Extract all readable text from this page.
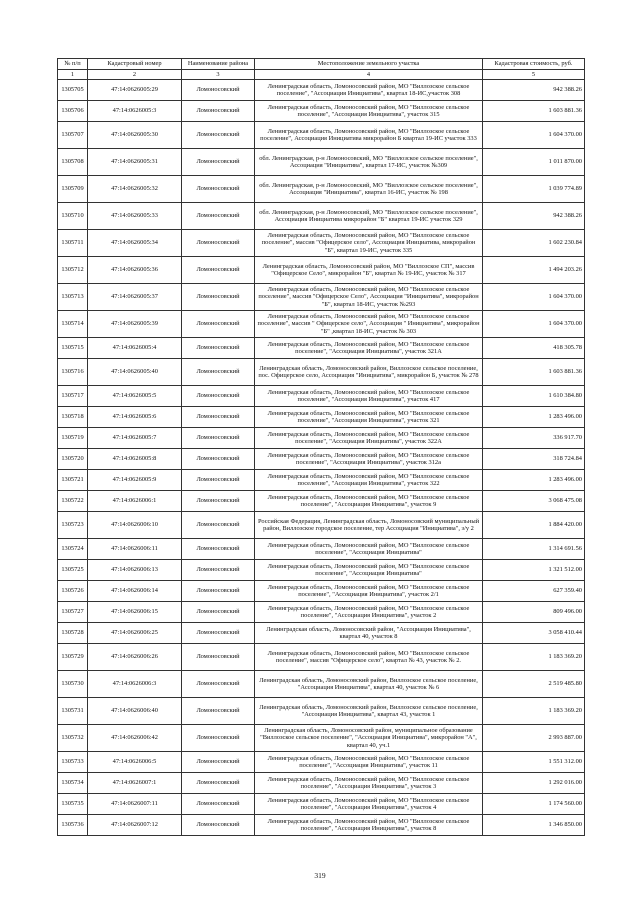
№ п/п	Кадастровый номер	Наименование района	Местоположение земельного участка	Кадастровая стоимость, руб.
1	2	3	4	5
1305705	47:14:0626005:29	Ломоносовский	Ленинградская область, Ломоносовский район, МО "Виллозское сельское поселение", "Ассоциация Инициатива", квартал 18-ИС,участок 308	942 388.26
1305706	47:14:0626005:3	Ломоносовский	Ленинградская область, Ломоносовский район, МО "Виллозское сельское поселение", "Ассоциация Инициатива", участок 315	1 603 881.36
1305707	47:14:0626005:30	Ломоносовский	Ленинградская область, Ломоносовский район, МО "Виллозское сельское поселение", Ассоциация Инициатива микрорайон Б квартал 19-ИС участок 333	1 604 370.00
1305708	47:14:0626005:31	Ломоносовский	обл. Ленинградская, р-н Ломоносовский, МО "Виллозское сельское поселение", Ассоциация "Инициатива", квартал 17-ИС, участок №309	1 011 870.00
1305709	47:14:0626005:32	Ломоносовский	обл. Ленинградская, р-н Ломоносовский, МО "Виллозское сельское поселение", Ассоциация "Инициатива", квартал 16-ИС, участок № 198	1 039 774.89
1305710	47:14:0626005:33	Ломоносовский	обл. Ленинградская, р-н Ломоносовский, МО "Виллозское сельское поселение", Ассоциация Инициатива микрорайон "Б" квартал 19-ИС участок 329	942 388.26
1305711	47:14:0626005:34	Ломоносовский	Ленинградская область, Ломоносовский район, МО "Виллозское сельское поселение", массив "Офицерское село", Ассоциация Инициатива, микрорайон "Б", квартал 19-ИС, участок 335	1 602 230.84
1305712	47:14:0626005:36	Ломоносовский	Ленинградская область, Ломоносовский район, МО "Виллозское СП", массив "Офицерское Село", микрорайон "Б", квартал № 19-ИС, участок № 317	1 494 203.26
1305713	47:14:0626005:37	Ломоносовский	Ленинградская область, Ломоносовский район, МО "Виллозское сельское поселение", массив "Офицерское Село", Ассоциация "Инициатива", микрорайон "Б", квартал 18-ИС, участок №293	1 604 370.00
1305714	47:14:0626005:39	Ломоносовский	Ленинградская область, Ломоносовский район, МО "Виллозское сельское поселение", массив " Офицерское село", Ассоциация " Инициатива", микрорайон "Б" ,квартал 18-ИС, участок № 303	1 604 370.00
1305715	47:14:0626005:4	Ломоносовский	Ленинградская область, Ломоносовский район, МО "Виллозское сельское поселение", "Ассоциация Инициатива", участок 321А	418 305.78
1305716	47:14:0626005:40	Ломоносовский	Ленинградская область, Ломоносовский район, Виллозское сельское поселение, пос. Офицерское село, Ассоциация "Инициатива", микрорайон Б, участок № 278	1 603 881.36
1305717	47:14:0626005:5	Ломоносовский	Ленинградская область, Ломоносовский район, МО "Виллозское сельское поселение", "Ассоциация Инициатива", участок 417	1 610 384.80
1305718	47:14:0626005:6	Ломоносовский	Ленинградская область, Ломоносовский район, МО "Виллозское сельское поселение", "Ассоциация Инициатива", участок 321	1 283 496.00
1305719	47:14:0626005:7	Ломоносовский	Ленинградская область, Ломоносовский район, МО "Виллозское сельское поселение", "Ассоциация Инициатива", участок 322А	336 917.70
1305720	47:14:0626005:8	Ломоносовский	Ленинградская область, Ломоносовский район, МО "Виллозское сельское поселение", "Ассоциация Инициатива", участок 312а	318 724.84
1305721	47:14:0626005:9	Ломоносовский	Ленинградская область, Ломоносовский район, МО "Виллозское сельское поселение", "Ассоциация Инициатива", участок 322	1 283 496.00
1305722	47:14:0626006:1	Ломоносовский	Ленинградская область, Ломоносовский район, МО "Виллозское сельское поселение", "Ассоциация Инициатива", участок 9	3 068 475.08
1305723	47:14:0626006:10	Ломоносовский	Российская Федерация, Ленинградская область, Ломоносовский муниципальный район, Виллозское городское поселение, тер Ассоциация "Инициатива", з/у 2	1 884 420.00
1305724	47:14:0626006:11	Ломоносовский	Ленинградская область, Ломоносовский район, МО "Виллозское сельское поселение", "Ассоциация Инициатива"	1 314 691.56
1305725	47:14:0626006:13	Ломоносовский	Ленинградская область, Ломоносовский район, МО "Виллозское сельское поселение", "Ассоциация Инициатива"	1 321 512.00
1305726	47:14:0626006:14	Ломоносовский	Ленинградская область, Ломоносовский район, МО "Виллозское сельское поселение", "Ассоциация Инициатива", участок 2/1	627 359.40
1305727	47:14:0626006:15	Ломоносовский	Ленинградская область, Ломоносовский район, МО "Виллозское сельское поселение", "Ассоциация Инициатива", участок 2	809 496.00
1305728	47:14:0626006:25	Ломоносовский	Ленинградская область, Ломоносовский район, "Ассоциация Инициатива", квартал 40, участок 8	3 058 410.44
1305729	47:14:0626006:26	Ломоносовский	Ленинградская область, Ломоносовский район, МО "Виллозское сельское поселение", массив "Офицерское село", квартал № 43, участок № 2.	1 183 369.20
1305730	47:14:0626006:3	Ломоносовский	Ленинградская область, Ломоносовский район, Виллозское сельское поселение, "Ассоциация Инициатива", квартал 40, участок № 6	2 519 485.80
1305731	47:14:0626006:40	Ломоносовский	Ленинградская область, Ломоносовский район, Виллозское сельское поселение, "Ассоциация Инициатива", квартал 43, участок 1	1 183 369.20
1305732	47:14:0626006:42	Ломоносовский	Ленинградская область, Ломоносовский район, муниципальное образование "Виллозское сельское поселение", "Ассоциация Инициатива", микрорайон "А", квартал 40, уч.1	2 993 887.00
1305733	47:14:0626006:5	Ломоносовский	Ленинградская область, Ломоносовский район, МО "Виллозское сельское поселение", "Ассоциация Инициатива", участок 11	1 551 312.00
1305734	47:14:0626007:1	Ломоносовский	Ленинградская область, Ломоносовский район, МО "Виллозское сельское поселение", "Ассоциация Инициатива", участок 3	1 292 016.00
1305735	47:14:0626007:11	Ломоносовский	Ленинградская область, Ломоносовский район, МО "Виллозское сельское поселение", "Ассоциация Инициатива", участок 4	1 174 560.00
1305736	47:14:0626007:12	Ломоносовский	Ленинградская область, Ломоносовский район, МО "Виллозское сельское поселение", "Ассоциация Инициатива", участок 8	1 346 850.00
319
